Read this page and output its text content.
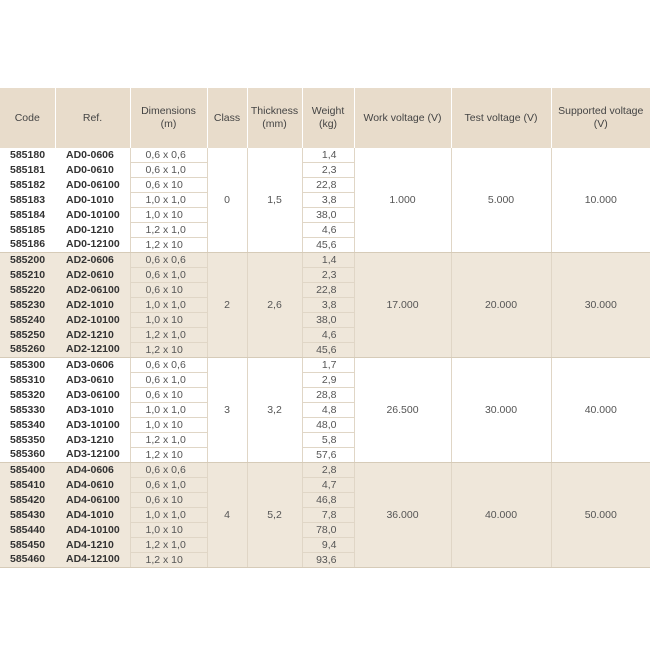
Code	Ref.	Dimensions (m)	Class	Thickness (mm)	Weight (kg)	Work voltage (V)	Test voltage (V)	Supported voltage (V)
585180	AD0-0606	0,6 x 0,6	0	1,5	1,4	1.000	5.000	10.000
585181	AD0-0610	0,6 x 1,0			2,3			
585182	AD0-06100	0,6 x 10			22,8			
585183	AD0-1010	1,0 x 1,0			3,8			
585184	AD0-10100	1,0 x 10			38,0			
585185	AD0-1210	1,2 x 1,0			4,6			
585186	AD0-12100	1,2 x 10			45,6			
585200	AD2-0606	0,6 x 0,6	2	2,6	1,4	17.000	20.000	30.000
585210	AD2-0610	0,6 x 1,0			2,3			
585220	AD2-06100	0,6 x 10			22,8			
585230	AD2-1010	1,0 x 1,0			3,8			
585240	AD2-10100	1,0 x 10			38,0			
585250	AD2-1210	1,2 x 1,0			4,6			
585260	AD2-12100	1,2 x 10			45,6			
585300	AD3-0606	0,6 x 0,6	3	3,2	1,7	26.500	30.000	40.000
585310	AD3-0610	0,6 x 1,0			2,9			
585320	AD3-06100	0,6 x 10			28,8			
585330	AD3-1010	1,0 x 1,0			4,8			
585340	AD3-10100	1,0 x 10			48,0			
585350	AD3-1210	1,2 x 1,0			5,8			
585360	AD3-12100	1,2 x 10			57,6			
585400	AD4-0606	0,6 x 0,6	4	5,2	2,8	36.000	40.000	50.000
585410	AD4-0610	0,6 x 1,0			4,7			
585420	AD4-06100	0,6 x 10			46,8			
585430	AD4-1010	1,0 x 1,0			7,8			
585440	AD4-10100	1,0 x 10			78,0			
585450	AD4-1210	1,2 x 1,0			9,4			
585460	AD4-12100	1,2 x 10			93,6			
